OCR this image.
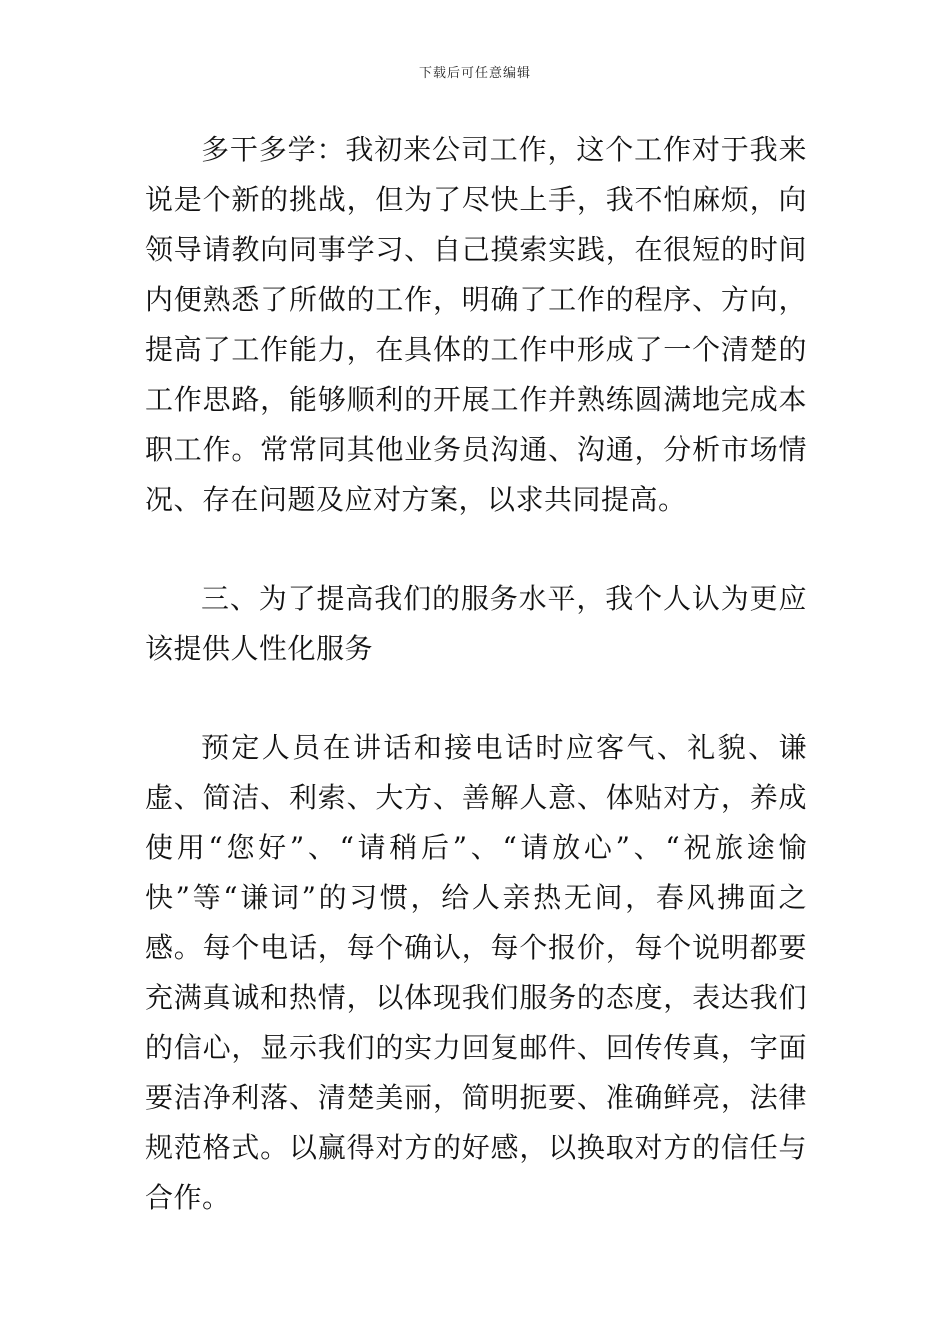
下载后可任意编辑

多干多学：我初来公司工作，这个工作对于我来说是个新的挑战，但为了尽快上手，我不怕麻烦，向领导请教向同事学习、自己摸索实践，在很短的时间内便熟悉了所做的工作，明确了工作的程序、方向，提高了工作能力，在具体的工作中形成了一个清楚的工作思路，能够顺利的开展工作并熟练圆满地完成本职工作。常常同其他业务员沟通、沟通，分析市场情况、存在问题及应对方案，以求共同提高。

三、为了提高我们的服务水平，我个人认为更应该提供人性化服务

预定人员在讲话和接电话时应客气、礼貌、谦虚、简洁、利索、大方、善解人意、体贴对方，养成使用“您好”、“请稍后”、“请放心”、“祝旅途愉快”等“谦词”的习惯，给人亲热无间，春风拂面之感。每个电话，每个确认，每个报价，每个说明都要充满真诚和热情，以体现我们服务的态度，表达我们的信心，显示我们的实力回复邮件、回传传真，字面要洁净利落、清楚美丽，简明扼要、准确鲜亮，法律规范格式。以赢得对方的好感，以换取对方的信任与合作。
